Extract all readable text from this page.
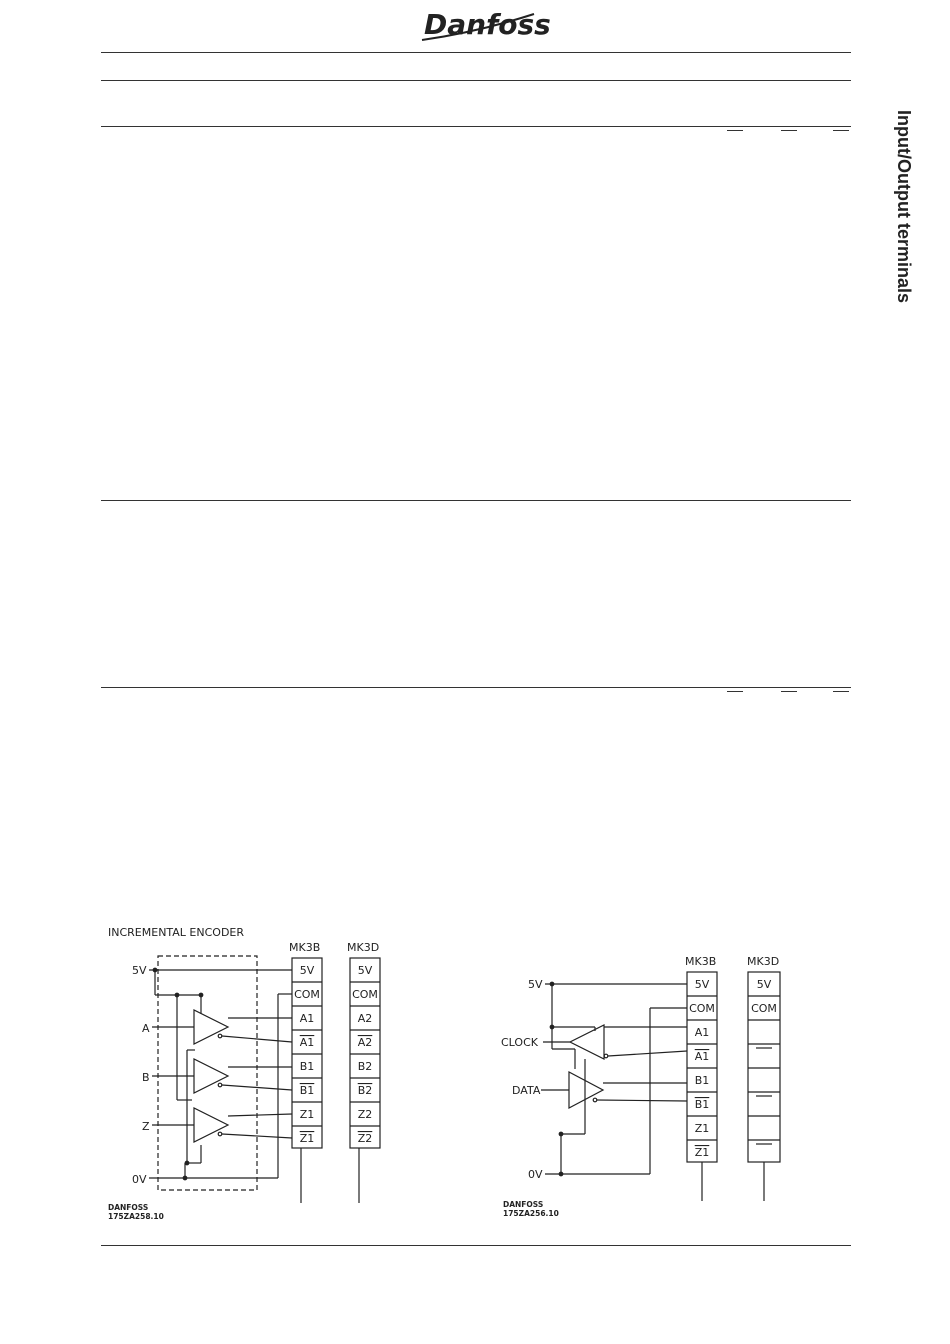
Danfoss
Input/Output terminals
INCREMENTAL ENCODER
MK3B MK3D
5V
A
B
Z
0V
5V
COM
A1
A1
B1
B1
Z1
Z1
5V
COM
A2
A2
B2
B2
Z2
Z2
DANFOSS
175ZA258.10
MK3B	MK3D
5V
CLOCK
DATA
0V
5V
COM
A1
A1
B1
B1
Z1
Z1
5V
COM
DANFOSS
175ZA256.10
